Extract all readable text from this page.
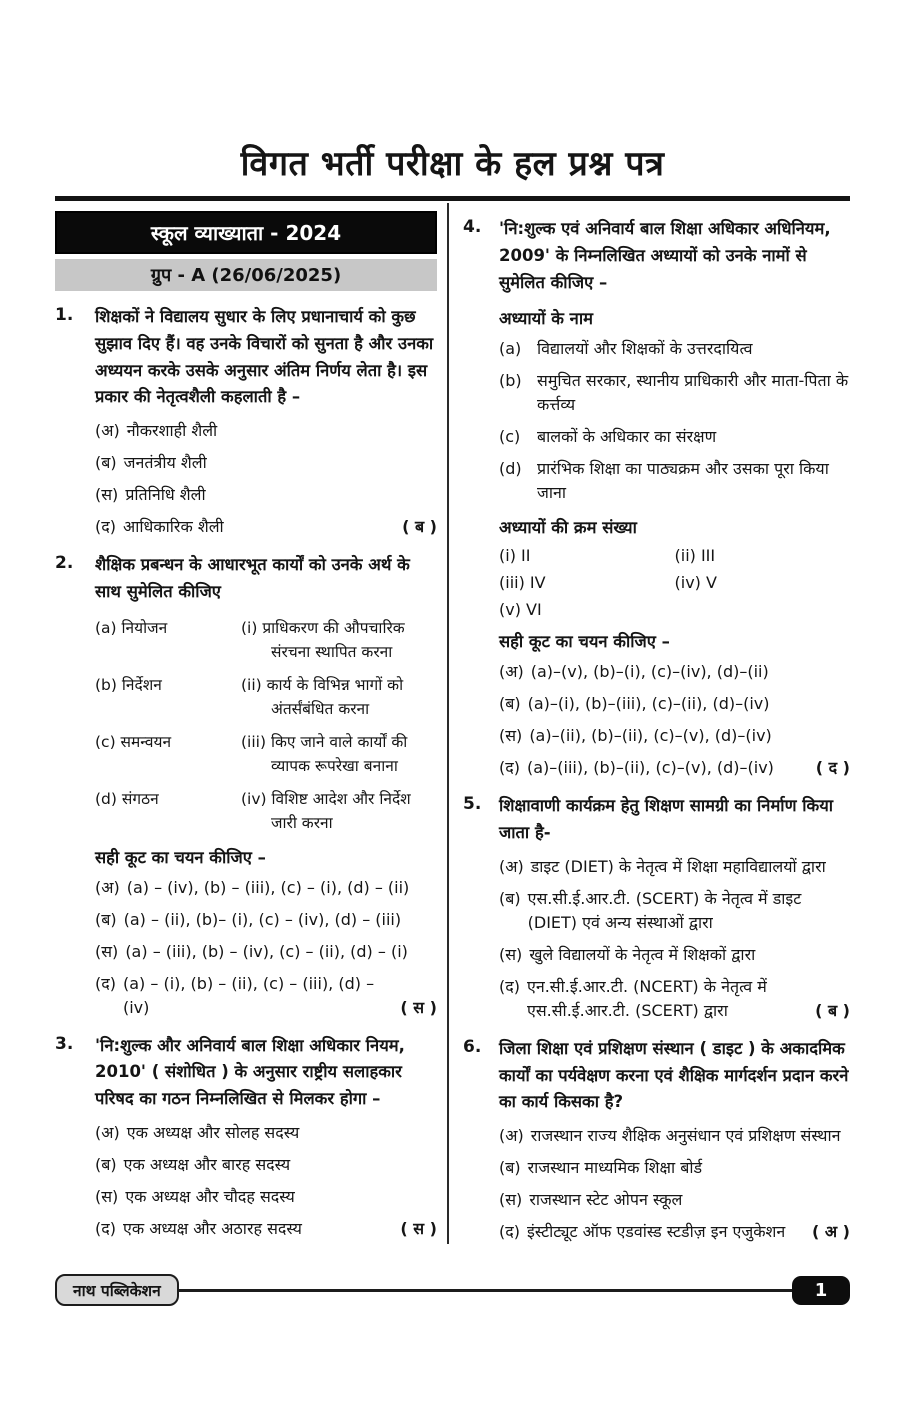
विगत भर्ती परीक्षा के हल प्रश्न पत्र
स्कूल व्याख्याता - 2024
ग्रुप - A (26/06/2025)
1.	शिक्षकों ने विद्यालय सुधार के लिए प्रधानाचार्य को कुछ सुझाव दिए हैं। वह उनके विचारों को सुनता है और उनका अध्ययन करके उसके अनुसार अंतिम निर्णय लेता है। इस प्रकार की नेतृत्वशैली कहलाती है –
(अ) नौकरशाही शैली
(ब) जनतंत्रीय शैली
(स) प्रतिनिधि शैली
(द) आधिकारिक शैली	( ब )
2.	शैक्षिक प्रबन्धन के आधारभूत कार्यों को उनके अर्थ के साथ सुमेलित कीजिए
(a) नियोजन	(i) प्राधिकरण की औपचारिक संरचना स्थापित करना
(b) निर्देशन	(ii) कार्य के विभिन्न भागों को अंतर्संबंधित करना
(c) समन्वयन	(iii) किए जाने वाले कार्यों की व्यापक रूपरेखा बनाना
(d) संगठन	(iv) विशिष्ट आदेश और निर्देश जारी करना
सही कूट का चयन कीजिए –
(अ) (a) – (iv), (b) – (iii), (c) – (i), (d) – (ii)
(ब) (a) – (ii), (b)– (i), (c) – (iv), (d) – (iii)
(स) (a) – (iii), (b) – (iv), (c) – (ii), (d) – (i)
(द) (a) – (i), (b) – (ii), (c) – (iii), (d) – (iv)	( स )
3.	'नि:शुल्क और अनिवार्य बाल शिक्षा अधिकार नियम, 2010' ( संशोधित ) के अनुसार राष्ट्रीय सलाहकार परिषद का गठन निम्नलिखित से मिलकर होगा –
(अ) एक अध्यक्ष और सोलह सदस्य
(ब) एक अध्यक्ष और बारह सदस्य
(स) एक अध्यक्ष और चौदह सदस्य
(द) एक अध्यक्ष और अठारह सदस्य	( स )
4.	'नि:शुल्क एवं अनिवार्य बाल शिक्षा अधिकार अधिनियम, 2009' के निम्नलिखित अध्यायों को उनके नामों से सुमेलित कीजिए –
अध्यायों के नाम
(a) विद्यालयों और शिक्षकों के उत्तरदायित्व
(b) समुचित सरकार, स्थानीय प्राधिकारी और माता-पिता के कर्त्तव्य
(c)	बालकों के अधिकार का संरक्षण
(d) प्रारंभिक शिक्षा का पाठ्यक्रम और उसका पूरा किया जाना
अध्यायों की क्रम संख्या
(i) II	(ii) III
(iii) IV	(iv) V
(v) VI
सही कूट का चयन कीजिए –
(अ) (a)–(v), (b)–(i), (c)–(iv), (d)–(ii)
(ब) (a)–(i), (b)–(iii), (c)–(ii), (d)–(iv)
(स) (a)–(ii), (b)–(ii), (c)–(v), (d)–(iv)
(द) (a)–(iii), (b)–(ii), (c)–(v), (d)–(iv)	( द )
5.	शिक्षावाणी कार्यक्रम हेतु शिक्षण सामग्री का निर्माण किया जाता है-
(अ) डाइट (DIET) के नेतृत्व में शिक्षा महाविद्यालयों द्वारा
(ब) एस.सी.ई.आर.टी. (SCERT) के नेतृत्व में डाइट (DIET) एवं अन्य संस्थाओं द्वारा
(स) खुले विद्यालयों के नेतृत्व में शिक्षकों द्वारा
(द) एन.सी.ई.आर.टी. (NCERT) के नेतृत्व में एस.सी.ई.आर.टी. (SCERT) द्वारा	( ब )
6.	जिला शिक्षा एवं प्रशिक्षण संस्थान ( डाइट ) के अकादमिक कार्यों का पर्यवेक्षण करना एवं शैक्षिक मार्गदर्शन प्रदान करने का कार्य किसका है?
(अ) राजस्थान राज्य शैक्षिक अनुसंधान एवं प्रशिक्षण संस्थान
(ब) राजस्थान माध्यमिक शिक्षा बोर्ड
(स) राजस्थान स्टेट ओपन स्कूल
(द) इंस्टीट्यूट ऑफ एडवांस्ड स्टडीज़ इन एजुकेशन	( अ )
नाथ पब्लिकेशन	1
